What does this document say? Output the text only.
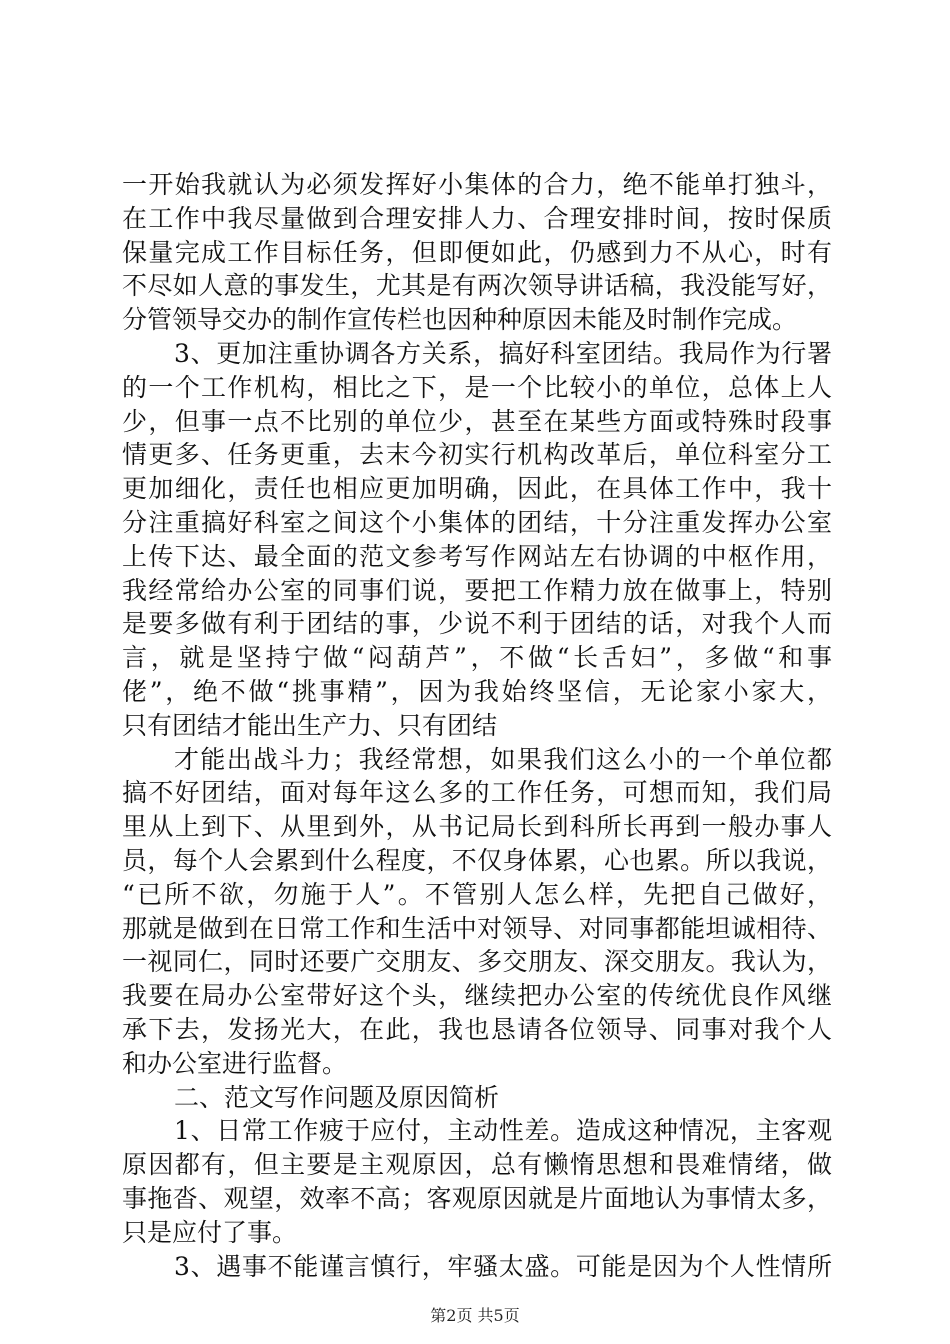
一开始我就认为必须发挥好小集体的合力，绝不能单打独斗，
在工作中我尽量做到合理安排人力、合理安排时间，按时保质
保量完成工作目标任务，但即便如此，仍感到力不从心，时有
不尽如人意的事发生，尤其是有两次领导讲话稿，我没能写好，
分管领导交办的制作宣传栏也因种种原因未能及时制作完成。
3、更加注重协调各方关系，搞好科室团结。我局作为行署
的一个工作机构，相比之下，是一个比较小的单位，总体上人
少，但事一点不比别的单位少，甚至在某些方面或特殊时段事
情更多、任务更重，去末今初实行机构改革后，单位科室分工
更加细化，责任也相应更加明确，因此，在具体工作中，我十
分注重搞好科室之间这个小集体的团结，十分注重发挥办公室
上传下达、最全面的范文参考写作网站左右协调的中枢作用，
我经常给办公室的同事们说，要把工作精力放在做事上，特别
是要多做有利于团结的事，少说不利于团结的话，对我个人而
言，就是坚持宁做“闷葫芦”，不做“长舌妇”，多做“和事
佬”，绝不做“挑事精”，因为我始终坚信，无论家小家大，
只有团结才能出生产力、只有团结
才能出战斗力；我经常想，如果我们这么小的一个单位都
搞不好团结，面对每年这么多的工作任务，可想而知，我们局
里从上到下、从里到外，从书记局长到科所长再到一般办事人
员，每个人会累到什么程度，不仅身体累，心也累。所以我说，
“已所不欲，勿施于人”。不管别人怎么样，先把自己做好，
那就是做到在日常工作和生活中对领导、对同事都能坦诚相待、
一视同仁，同时还要广交朋友、多交朋友、深交朋友。我认为，
我要在局办公室带好这个头，继续把办公室的传统优良作风继
承下去，发扬光大，在此，我也恳请各位领导、同事对我个人
和办公室进行监督。
二、范文写作问题及原因简析
1、日常工作疲于应付，主动性差。造成这种情况，主客观
原因都有，但主要是主观原因，总有懒惰思想和畏难情绪，做
事拖沓、观望，效率不高；客观原因就是片面地认为事情太多，
只是应付了事。
3、遇事不能谨言慎行，牢骚太盛。可能是因为个人性情所
第2页 共5页
